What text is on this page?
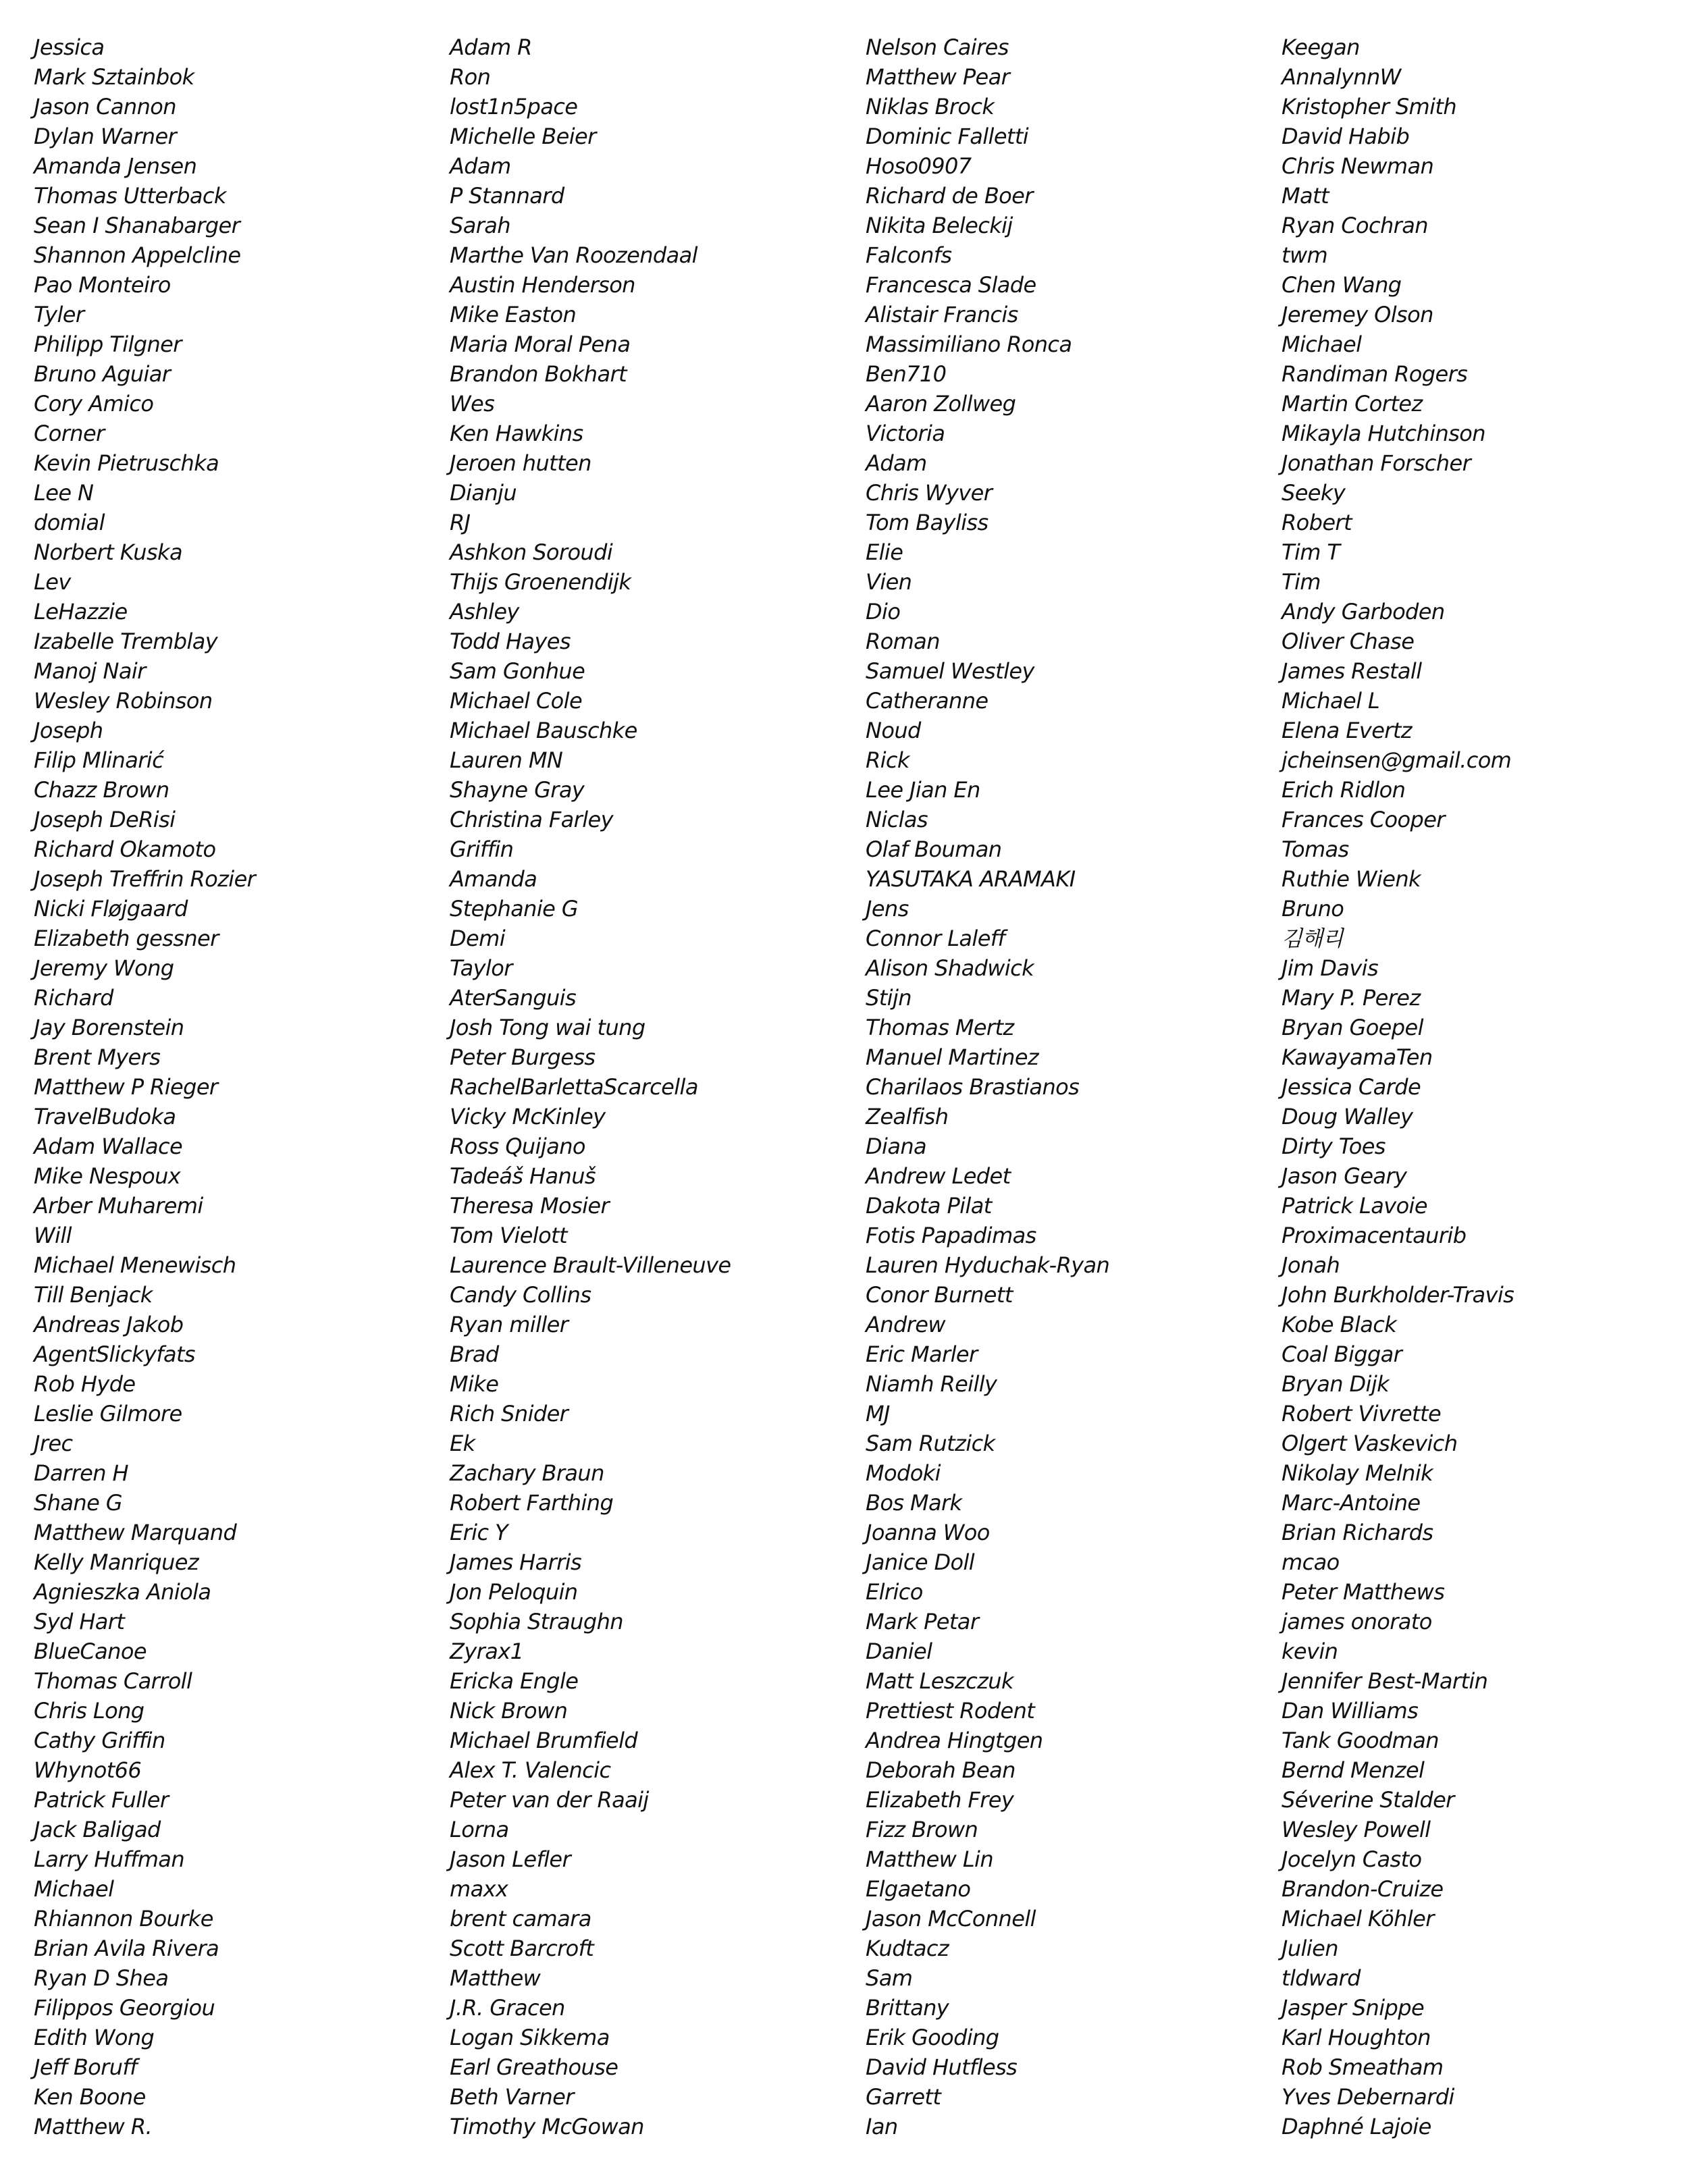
Jessica
Mark Sztainbok
Jason Cannon
Dylan Warner
Amanda Jensen
Thomas Utterback
Sean I Shanabarger
Shannon Appelcline
Pao Monteiro
Tyler
Philipp Tilgner
Bruno Aguiar
Cory Amico
Corner
Kevin Pietruschka
Lee N
domial
Norbert Kuska
Lev
LeHazzie
Izabelle Tremblay
Manoj Nair
Wesley Robinson
Joseph
Filip Mlinarić
Chazz Brown
Joseph DeRisi
Richard Okamoto
Joseph Treffrin Rozier
Nicki Fløjgaard
Elizabeth gessner
Jeremy Wong
Richard
Jay Borenstein
Brent Myers
Matthew P Rieger
TravelBudoka
Adam Wallace
Mike Nespoux
Arber Muharemi
Will
Michael Menewisch
Till Benjack
Andreas Jakob
AgentSlickyfats
Rob Hyde
Leslie Gilmore
Jrec
Darren H
Shane G
Matthew Marquand
Kelly Manriquez
Agnieszka Aniola
Syd Hart
BlueCanoe
Thomas Carroll
Chris Long
Cathy Griffin
Whynot66
Patrick Fuller
Jack Baligad
Larry Huffman
Michael
Rhiannon Bourke
Brian Avila Rivera
Ryan D Shea
Filippos Georgiou
Edith Wong
Jeff Boruff
Ken Boone
Matthew R.
Adam R
Ron
lost1n5pace
Michelle Beier
Adam
P Stannard
Sarah
Marthe Van Roozendaal
Austin Henderson
Mike Easton
Maria Moral Pena
Brandon Bokhart
Wes
Ken Hawkins
Jeroen hutten
Dianju
RJ
Ashkon Soroudi
Thijs Groenendijk
Ashley
Todd Hayes
Sam Gonhue
Michael Cole
Michael Bauschke
Lauren MN
Shayne Gray
Christina Farley
Griffin
Amanda
Stephanie G
Demi
Taylor
AterSanguis
Josh Tong wai tung
Peter Burgess
RachelBarlettaScarcella
Vicky McKinley
Ross Quijano
Tadeáš Hanuš
Theresa Mosier
Tom Vielott
Laurence Brault-Villeneuve
Candy Collins
Ryan miller
Brad
Mike
Rich Snider
Ek
Zachary Braun
Robert Farthing
Eric Y
James Harris
Jon Peloquin
Sophia Straughn
Zyrax1
Ericka Engle
Nick Brown
Michael Brumfield
Alex T. Valencic
Peter van der Raaij
Lorna
Jason Lefler
maxx
brent camara
Scott Barcroft
Matthew
J.R. Gracen
Logan Sikkema
Earl Greathouse
Beth Varner
Timothy McGowan
Nelson Caires
Matthew Pear
Niklas Brock
Dominic Falletti
Hoso0907
Richard de Boer
Nikita Beleckij
Falconfs
Francesca Slade
Alistair Francis
Massimiliano Ronca
Ben710
Aaron Zollweg
Victoria
Adam
Chris Wyver
Tom Bayliss
Elie
Vien
Dio
Roman
Samuel Westley
Catheranne
Noud
Rick
Lee Jian En
Niclas
Olaf Bouman
YASUTAKA ARAMAKI
Jens
Connor Laleff
Alison Shadwick
Stijn
Thomas Mertz
Manuel Martinez
Charilaos Brastianos
Zealfish
Diana
Andrew Ledet
Dakota Pilat
Fotis Papadimas
Lauren Hyduchak-Ryan
Conor Burnett
Andrew
Eric Marler
Niamh Reilly
MJ
Sam Rutzick
Modoki
Bos Mark
Joanna Woo
Janice Doll
Elrico
Mark Petar
Daniel
Matt Leszczuk
Prettiest Rodent
Andrea Hingtgen
Deborah Bean
Elizabeth Frey
Fizz Brown
Matthew Lin
Elgaetano
Jason McConnell
Kudtacz
Sam
Brittany
Erik Gooding
David Hutfless
Garrett
Ian
Keegan
AnnalynnW
Kristopher Smith
David Habib
Chris Newman
Matt
Ryan Cochran
twm
Chen Wang
Jeremey Olson
Michael
Randiman Rogers
Martin Cortez
Mikayla Hutchinson
Jonathan Forscher
Seeky
Robert
Tim T
Tim
Andy Garboden
Oliver Chase
James Restall
Michael L
Elena Evertz
jcheinsen@gmail.com
Erich Ridlon
Frances Cooper
Tomas
Ruthie Wienk
Bruno
김해리
Jim Davis
Mary P. Perez
Bryan Goepel
KawayamaTen
Jessica Carde
Doug Walley
Dirty Toes
Jason Geary
Patrick Lavoie
Proximacentaurib
Jonah
John Burkholder-Travis
Kobe Black
Coal Biggar
Bryan Dijk
Robert Vivrette
Olgert Vaskevich
Nikolay Melnik
Marc-Antoine
Brian Richards
mcao
Peter Matthews
james onorato
kevin
Jennifer Best-Martin
Dan Williams
Tank Goodman
Bernd Menzel
Séverine Stalder
Wesley Powell
Jocelyn Casto
Brandon-Cruize
Michael Köhler
Julien
tldward
Jasper Snippe
Karl Houghton
Rob Smeatham
Yves Debernardi
Daphné Lajoie
